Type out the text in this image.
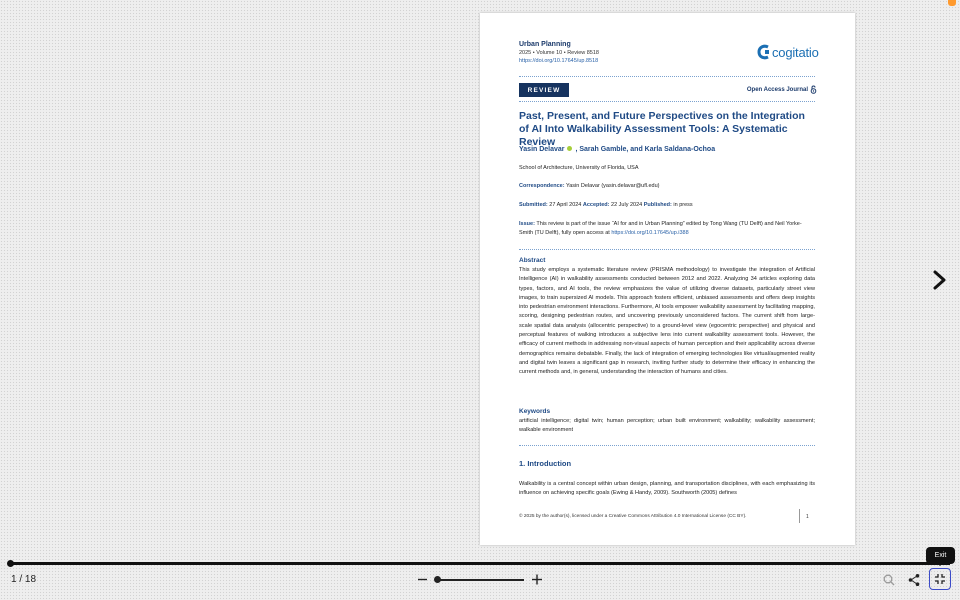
Urban Planning
2025 • Volume 10 • Review 8518
https://doi.org/10.17645/up.8518
cogitatio
REVIEW	Open Access Journal
Past, Present, and Future Perspectives on the Integration of AI Into Walkability Assessment Tools: A Systematic Review
Yasin Delavar , Sarah Gamble, and Karla Saldana-Ochoa
School of Architecture, University of Florida, USA
Correspondence: Yasin Delavar (yasin.delavar@ufl.edu)
Submitted: 27 April 2024 Accepted: 22 July 2024 Published: in press
Issue: This review is part of the issue “AI for and in Urban Planning” edited by Tong Wang (TU Delft) and Neil Yorke-Smith (TU Delft), fully open access at https://doi.org/10.17645/up.i388
Abstract
This study employs a systematic literature review (PRISMA methodology) to investigate the integration of Artificial Intelligence (AI) in walkability assessments conducted between 2012 and 2022. Analyzing 34 articles exploring data types, factors, and AI tools, the review emphasizes the value of utilizing diverse datasets, particularly street view images, to train supersized AI models. This approach fosters efficient, unbiased assessments and offers deep insights into pedestrian environment interactions. Furthermore, AI tools empower walkability assessment by facilitating mapping, scoring, designing pedestrian routes, and uncovering previously unconsidered factors. The current shift from large-scale spatial data analysis (allocentric perspective) to a ground-level view (egocentric perspective) and physical and perceptual features of walking introduces a subjective lens into current walkability assessment tools. However, the efficacy of current methods in addressing non-visual aspects of human perception and their applicability across diverse demographics remains debatable. Finally, the lack of integration of emerging technologies like virtual/augmented reality and digital twin leaves a significant gap in research, inviting further study to determine their efficacy in enhancing the current methods and, in general, understanding the interaction of humans and cities.
Keywords
artificial intelligence; digital twin; human perception; urban built environment; walkability; walkability assessment; walkable environment
1. Introduction
Walkability is a central concept within urban design, planning, and transportation disciplines, with each emphasizing its influence on achieving specific goals (Ewing & Handy, 2009). Southworth (2005) defines
© 2025 by the author(s), licensed under a Creative Commons Attribution 4.0 International License (CC BY).	1
1 / 18
Exit
